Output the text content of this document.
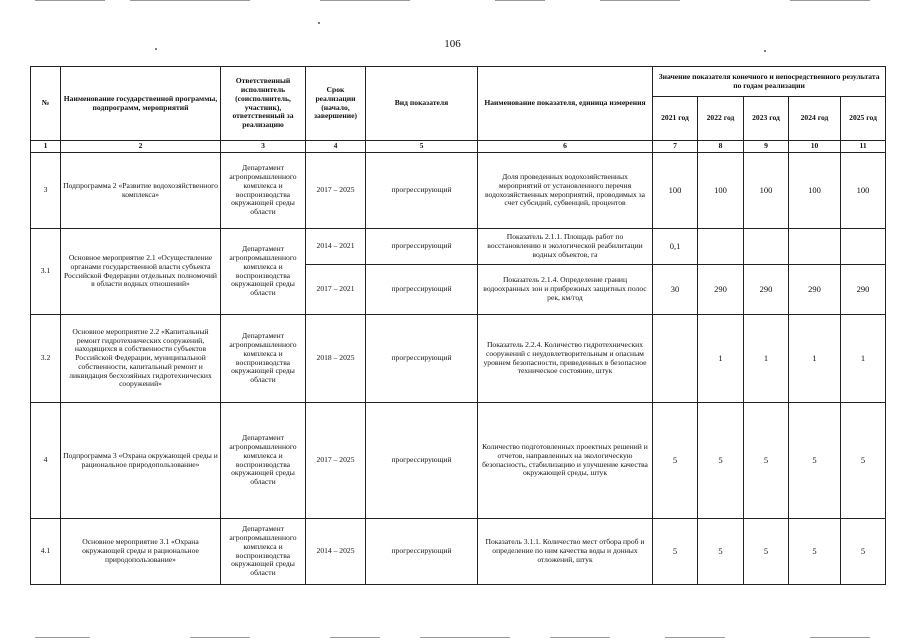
106
№	Наименование государственной программы, подпрограмм, мероприятий	Ответственный исполнитель (соисполнитель, участник), ответственный за реализацию	Срок реализации (начало, завершение)	Вид показателя	Наименование показателя, единица измерения	Значение показателя конечного и непосредственного результата по годам реализации				
						2021 год	2022 год	2023 год	2024 год	2025 год
1	2	3	4	5	6	7	8	9	10	11
3	Подпрограмма 2 «Развитие водохозяйственного комплекса»	Департамент агропромышленного комплекса и воспроизводства окружающей среды области	2017 – 2025	прогрессирующий	Доля проведенных водохозяйственных мероприятий от установленного перечня водохозяйственных мероприятий, проводимых за счет субсидий, субвенций, процентов	100	100	100	100	100
3.1	Основное мероприятие 2.1 «Осуществление органами государственной власти субъекта Российской Федерации отдельных полномочий в области водных отношений»	Департамент агропромышленного комплекса и воспроизводства окружающей среды области	2014 – 2021	прогрессирующий	Показатель 2.1.1. Площадь работ по восстановлению и экологической реабилитации водных объектов, га	0,1				
			2017 – 2021	прогрессирующий	Показатель 2.1.4. Определение границ водоохранных зон и прибрежных защитных полос рек, км/год	30	290	290	290	290
3.2	Основное мероприятие 2.2 «Капитальный ремонт гидротехнических сооружений, находящихся в собственности субъектов Российской Федерации, муниципальной собственности, капитальный ремонт и ликвидация бесхозяйных гидротехнических сооружений»	Департамент агропромышленного комплекса и воспроизводства окружающей среды области	2018 – 2025	прогрессирующий	Показатель 2.2.4. Количество гидротехнических сооружений с неудовлетворительным и опасным уровнем безопасности, приведенных в безопасное техническое состояние, штук		1	1	1	1
4	Подпрограмма 3 «Охрана окружающей среды и рациональное природопользование»	Департамент агропромышленного комплекса и воспроизводства окружающей среды области	2017 – 2025	прогрессирующий	Количество подготовленных проектных решений и отчетов, направленных на экологическую безопасность, стабилизацию и улучшение качества окружающей среды, штук	5	5	5	5	5
4.1	Основное мероприятие 3.1 «Охрана окружающей среды и рациональное природопользование»	Департамент агропромышленного комплекса и воспроизводства окружающей среды области	2014 – 2025	прогрессирующий	Показатель 3.1.1. Количество мест отбора проб и определение по ним качества воды и донных отложений, штук	5	5	5	5	5
